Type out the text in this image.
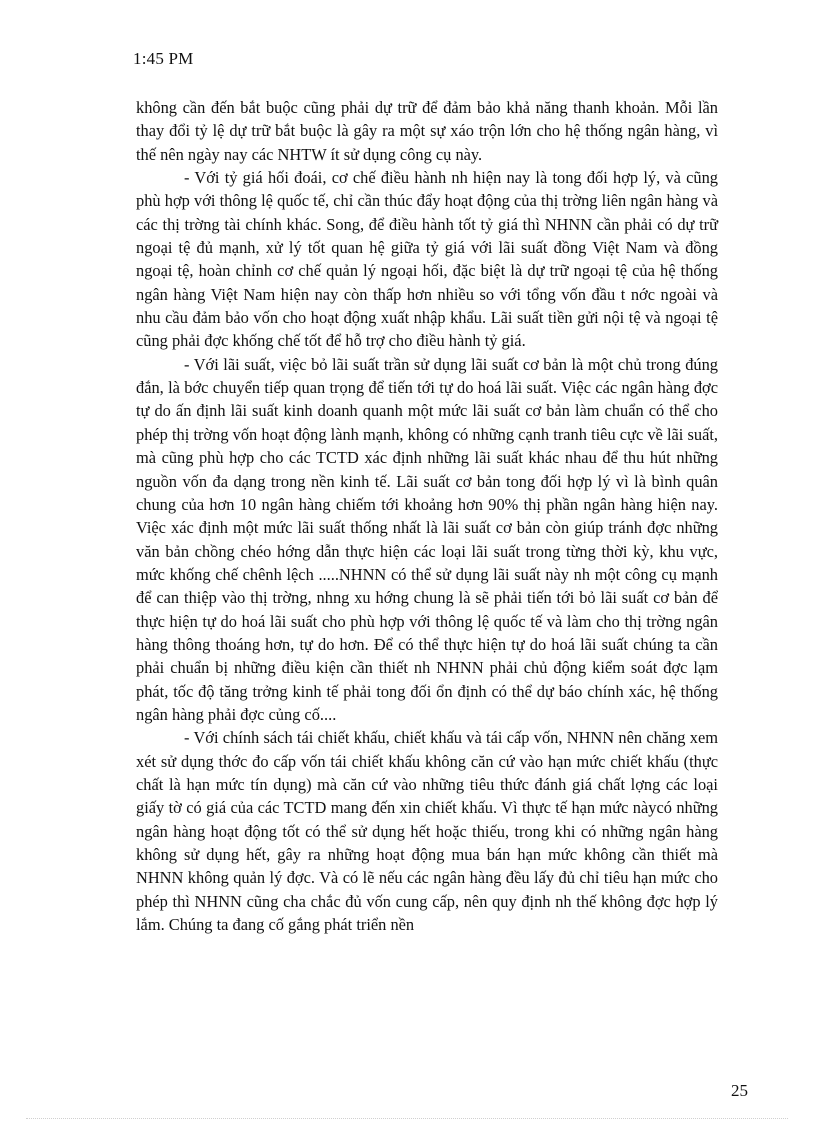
1:45 PM

không cần đến bắt buộc cũng phải dự trữ để đảm bảo khả năng thanh khoản. Mỗi lần thay đổi tỷ lệ dự trữ bắt buộc là gây ra một sự xáo trộn lớn cho hệ thống ngân hàng, vì thế nên ngày nay các NHTW ít sử dụng công cụ này.

- Với tỷ giá hối đoái, cơ chế điều hành nh hiện nay là tong đối hợp lý, và cũng phù hợp với thông lệ quốc tế, chỉ cần thúc đẩy hoạt động của thị trờng liên ngân hàng và các thị trờng tài chính khác. Song, để điều hành tốt tỷ giá thì NHNN cần phải có dự trữ ngoại tệ đủ mạnh, xử lý tốt quan hệ giữa tỷ giá với lãi suất đồng Việt Nam và đồng ngoại tệ, hoàn chỉnh cơ chế quản lý ngoại hối, đặc biệt là dự trữ ngoại tệ của hệ thống ngân hàng Việt Nam hiện nay còn thấp hơn nhiều so với tổng vốn đầu t nớc ngoài và nhu cầu đảm bảo vốn cho hoạt động xuất nhập khẩu. Lãi suất tiền gửi nội tệ và ngoại tệ cũng phải đợc khống chế tốt để hỗ trợ cho điều hành tỷ giá.

- Với lãi suất, việc bỏ lãi suất trần sử dụng lãi suất cơ bản là một chủ trong đúng đắn, là bớc chuyển tiếp quan trọng để tiến tới tự do hoá lãi suất. Việc các ngân hàng đợc tự do ấn định lãi suất kinh doanh quanh một mức lãi suất cơ bản làm chuẩn có thể cho phép thị trờng vốn hoạt động lành mạnh, không có những cạnh tranh tiêu cực về lãi suất, mà cũng phù hợp cho các TCTD xác định những lãi suất khác nhau để thu hút những nguồn vốn đa dạng trong nền kinh tế. Lãi suất cơ bản tong đối hợp lý vì là bình quân chung của hơn 10 ngân hàng chiếm tới khoảng hơn 90% thị phần ngân hàng hiện nay. Việc xác định một mức lãi suất thống nhất là lãi suất cơ bản còn giúp tránh đợc những văn bản chồng chéo hớng dẫn thực hiện các loại lãi suất trong từng thời kỳ, khu vực, mức khống chế chênh lệch .....NHNN có thể sử dụng lãi suất này nh một công cụ mạnh để can thiệp vào thị trờng, nhng xu hớng chung là sẽ phải tiến tới bỏ lãi suất cơ bản để thực hiện tự do hoá lãi suất cho phù hợp với thông lệ quốc tế và làm cho thị trờng ngân hàng thông thoáng hơn, tự do hơn. Để có thể thực hiện tự do hoá lãi suất chúng ta cần phải chuẩn bị những điều kiện cần thiết nh NHNN phải chủ động kiểm soát đợc lạm phát, tốc độ tăng trởng kinh tế phải tong đối ổn định có thể dự báo chính xác, hệ thống ngân hàng phải đợc củng cố....

- Với chính sách tái chiết khấu, chiết khấu và tái cấp vốn, NHNN nên chăng xem xét sử dụng thớc đo cấp vốn tái chiết khấu không căn cứ vào hạn mức chiết khấu (thực chất là hạn mức tín dụng) mà căn cứ vào những tiêu thức đánh giá chất lợng các loại giấy tờ có giá của các TCTD mang đến xin chiết khấu. Vì thực tế hạn mức nàycó những ngân hàng hoạt động tốt có thể sử dụng hết hoặc thiếu, trong khi có những ngân hàng không sử dụng hết, gây ra những hoạt động mua bán hạn mức không cần thiết mà NHNN không quản lý đợc. Và có lẽ nếu các ngân hàng đều lấy đủ chỉ tiêu hạn mức cho phép thì NHNN cũng cha chắc đủ vốn cung cấp, nên quy định nh thế không đợc hợp lý lắm. Chúng ta đang cố gắng phát triển nền

25
